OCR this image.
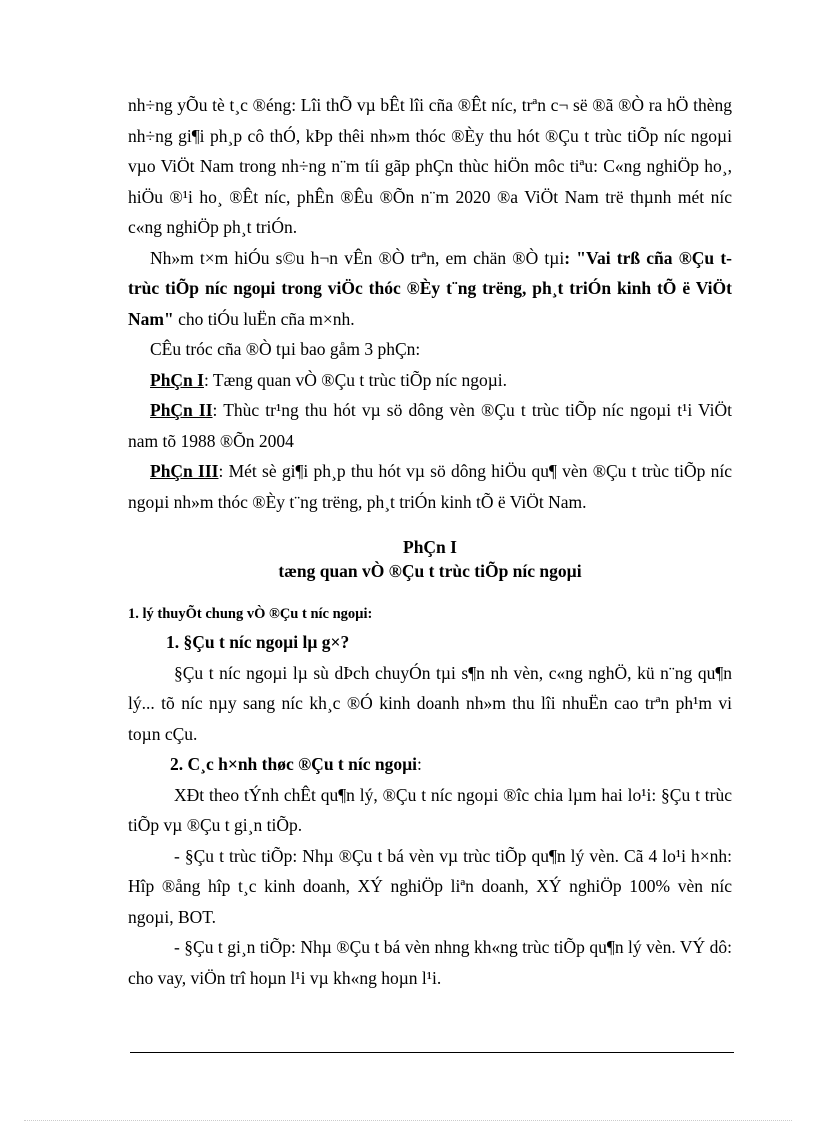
nh÷ng yÕu tè t¸c ®éng: Lîi thÕ vµ bÊt lîi cña ®Êt níc, trªn c¬ së ®ã ®Ò ra hÖ thèng nh÷ng gi¶i ph¸p cô thÓ, kÞp thêi nh»m thóc ®Èy thu hót ®Çu t trùc tiÕp níc ngoµi vµo ViÖt Nam trong nh÷ng n¨m tíi gãp phÇn thùc hiÖn môc tiªu: C«ng nghiÖp ho¸, hiÖu ®¹i ho¸ ®Êt níc, phÊn ®Êu ®Õn n¨m 2020 ®a ViÖt Nam trë thµnh mét níc c«ng nghiÖp ph¸t triÓn.

Nh»m t×m hiÓu s©u h¬n vÊn ®Ò trªn, em chän ®Ò tµi: "Vai trß cña ®Çu t trùc tiÕp níc ngoµi trong viÖc thóc ®Èy t¨ng trëng, ph¸t triÓn kinh tÕ ë ViÖt Nam" cho tiÓu luËn cña m×nh.

CÊu tróc cña ®Ò tµi bao gåm 3 phÇn:

PhÇn I: Tæng quan vÒ ®Çu t trùc tiÕp níc ngoµi.

PhÇn II: Thùc tr¹ng thu hót vµ sö dông vèn ®Çu t trùc tiÕp níc ngoµi t¹i ViÖt nam tõ 1988 ®Õn 2004

PhÇn III: Mét sè gi¶i ph¸p thu hót vµ sö dông hiÖu qu¶ vèn ®Çu t trùc tiÕp níc ngoµi nh»m thóc ®Èy t¨ng trëng, ph¸t triÓn kinh tÕ ë ViÖt Nam.

PhÇn I

tæng quan vÒ ®Çu t trùc tiÕp níc ngoµi

1. lý thuyÕt chung vÒ ®Çu t níc ngoµi:

1. §Çu t níc ngoµi lµ g×?

§Çu t níc ngoµi lµ sù dÞch chuyÓn tµi s¶n nh vèn, c«ng nghÖ, kü n¨ng qu¶n lý... tõ níc nµy sang níc kh¸c ®Ó kinh doanh nh»m thu lîi nhuËn cao trªn ph¹m vi toµn cÇu.

2. C¸c h×nh thøc ®Çu t níc ngoµi:

XÐt theo tÝnh chÊt qu¶n lý, ®Çu t níc ngoµi ®îc chia lµm hai lo¹i: §Çu t trùc tiÕp vµ ®Çu t gi¸n tiÕp.

- §Çu t trùc tiÕp: Nhµ ®Çu t bá vèn vµ trùc tiÕp qu¶n lý vèn. Cã 4 lo¹i h×nh: Hîp ®ång hîp t¸c kinh doanh, XÝ nghiÖp liªn doanh, XÝ nghiÖp 100% vèn níc ngoµi, BOT.

- §Çu t gi¸n tiÕp: Nhµ ®Çu t bá vèn nhng kh«ng trùc tiÕp qu¶n lý vèn. VÝ dô: cho vay, viÖn trî hoµn l¹i vµ kh«ng hoµn l¹i.
